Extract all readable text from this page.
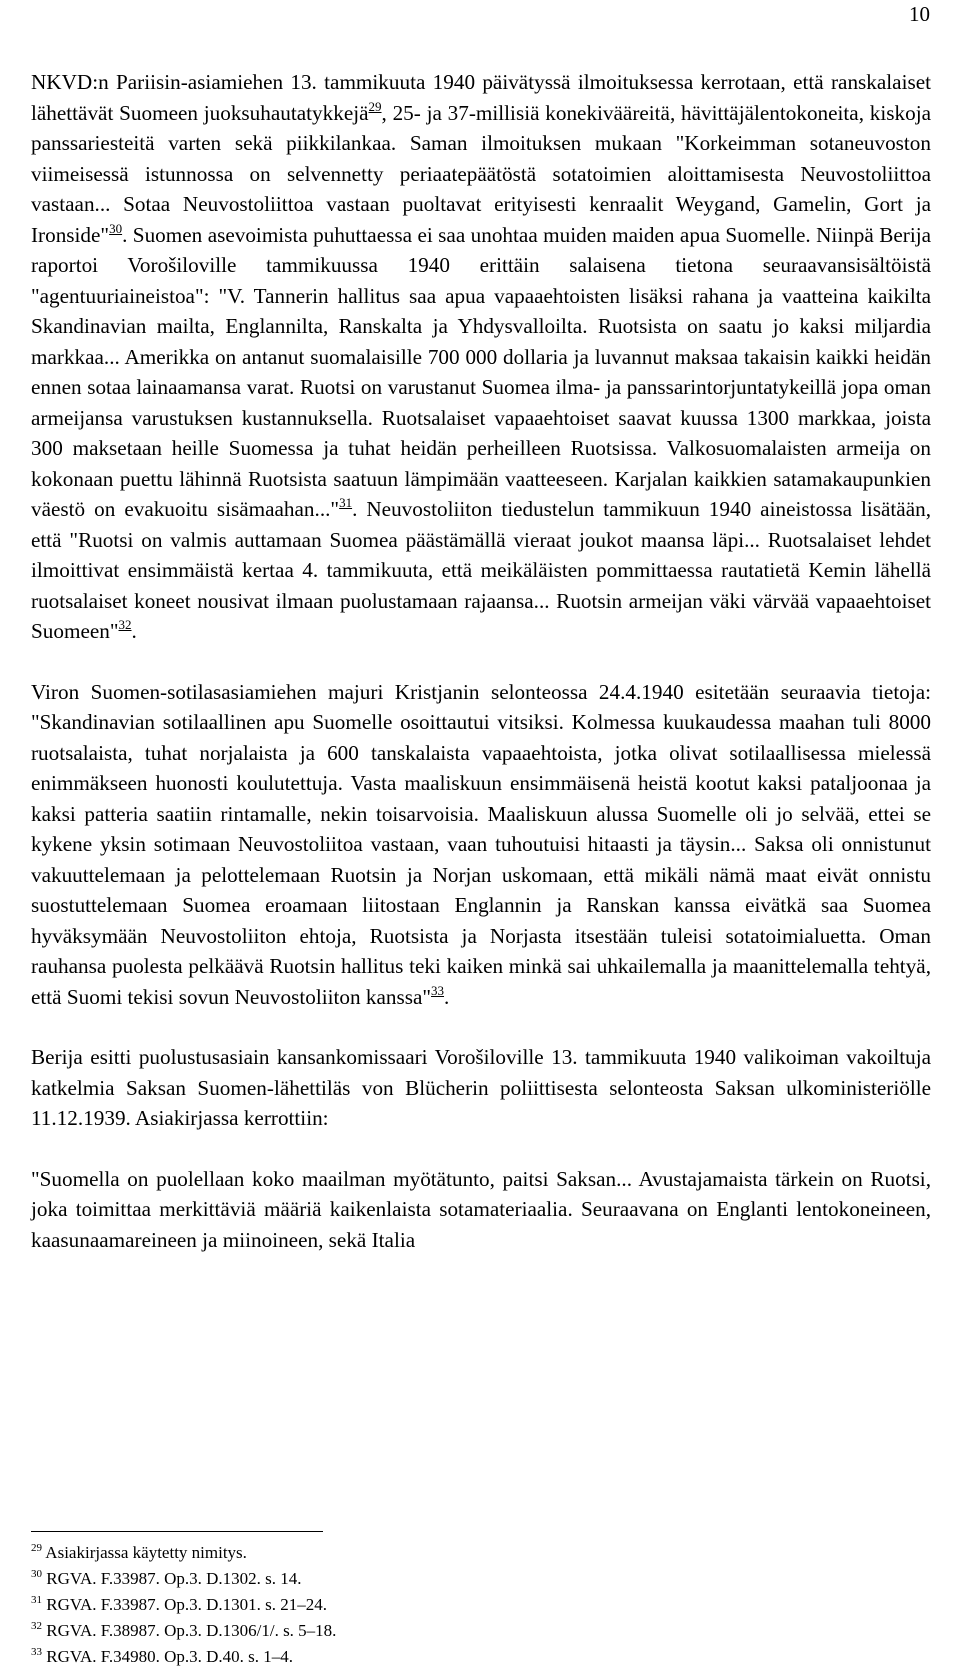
10

NKVD:n Pariisin-asiamiehen 13. tammikuuta 1940 päivätyssä ilmoituksessa kerrotaan, että ranskalaiset lähettävät Suomeen juoksuhautatykkejä$^{29}$, 25- ja 37-millisiä konekivääreitä, hävittäjälentokoneita, kiskoja panssariesteitä varten sekä piikkilankaa. Saman ilmoituksen mukaan "Korkeimman sotaneuvoston viimeisessä istunnossa on selvennetty periaatepäätöstä sotatoimien aloittamisesta Neuvostoliittoa vastaan... Sotaa Neuvostoliittoa vastaan puoltavat erityisesti kenraalit Weygand, Gamelin, Gort ja Ironside"$^{30}$. Suomen asevoimista puhuttaessa ei saa unohtaa muiden maiden apua Suomelle. Niinpä Berija raportoi Vorošiloville tammikuussa 1940 erittäin salaisena tietona seuraavansisältöistä "agentuuriaineistoa": "V. Tannerin hallitus saa apua vapaaehtoisten lisäksi rahana ja vaatteina kaikilta Skandinavian mailta, Englannilta, Ranskalta ja Yhdysvalloilta. Ruotsista on saatu jo kaksi miljardia markkaa... Amerikka on antanut suomalaisille 700 000 dollaria ja luvannut maksaa takaisin kaikki heidän ennen sotaa lainaamansa varat. Ruotsi on varustanut Suomea ilma- ja panssarintorjuntatykeillä jopa oman armeijansa varustuksen kustannuksella. Ruotsalaiset vapaaehtoiset saavat kuussa 1300 markkaa, joista 300 maksetaan heille Suomessa ja tuhat heidän perheilleen Ruotsissa. Valkosuomalaisten armeija on kokonaan puettu lähinnä Ruotsista saatuun lämpimään vaatteeseen. Karjalan kaikkien satamakaupunkien väestö on evakuoitu sisämaahan..."$^{31}$. Neuvostoliiton tiedustelun tammikuun 1940 aineistossa lisätään, että "Ruotsi on valmis auttamaan Suomea päästämällä vieraat joukot maansa läpi... Ruotsalaiset lehdet ilmoittivat ensimmäistä kertaa 4. tammikuuta, että meikäläisten pommittaessa rautatietä Kemin lähellä ruotsalaiset koneet nousivat ilmaan puolustamaan rajaansa... Ruotsin armeijan väki värvää vapaaehtoiset Suomeen"$^{32}$.

Viron Suomen-sotilasasiamiehen majuri Kristjanin selonteossa 24.4.1940 esitetään seuraavia tietoja: "Skandinavian sotilaallinen apu Suomelle osoittautui vitsiksi. Kolmessa kuukaudessa maahan tuli 8000 ruotsalaista, tuhat norjalaista ja 600 tanskalaista vapaaehtoista, jotka olivat sotilaallisessa mielessä enimmäkseen huonosti koulutettuja. Vasta maaliskuun ensimmäisenä heistä kootut kaksi pataljoonaa ja kaksi patteria saatiin rintamalle, nekin toisarvoisia. Maaliskuun alussa Suomelle oli jo selvää, ettei se kykene yksin sotimaan Neuvostoliitoa vastaan, vaan tuhoutuisi hitaasti ja täysin... Saksa oli onnistunut vakuuttelemaan ja pelottelemaan Ruotsin ja Norjan uskomaan, että mikäli nämä maat eivät onnistu suostuttelemaan Suomea eroamaan liitostaan Englannin ja Ranskan kanssa eivätkä saa Suomea hyväksymään Neuvostoliiton ehtoja, Ruotsista ja Norjasta itsestään tuleisi sotatoimialuetta. Oman rauhansa puolesta pelkäävä Ruotsin hallitus teki kaiken minkä sai uhkailemalla ja maanittelemalla tehtyä, että Suomi tekisi sovun Neuvostoliiton kanssa"$^{33}$.

Berija esitti puolustusasiain kansankomissaari Vorošiloville 13. tammikuuta 1940 valikoiman vakoiltuja katkelmia Saksan Suomen-lähettiläs von Blücherin poliittisesta selonteosta Saksan ulkoministeriölle 11.12.1939. Asiakirjassa kerrottiin:

"Suomella on puolellaan koko maailman myötätunto, paitsi Saksan... Avustajamaista tärkein on Ruotsi, joka toimittaa merkittäviä määriä kaikenlaista sotamateriaalia. Seuraavana on Englanti lentokoneineen, kaasunaamareineen ja miinoineen, sekä Italia

$^{29}$ Asiakirjassa käytetty nimitys.
$^{30}$ RGVA. F.33987. Op.3. D.1302. s. 14.
$^{31}$ RGVA. F.33987. Op.3. D.1301. s. 21–24.
$^{32}$ RGVA. F.38987. Op.3. D.1306/1/. s. 5–18.
$^{33}$ RGVA. F.34980. Op.3. D.40. s. 1–4.
